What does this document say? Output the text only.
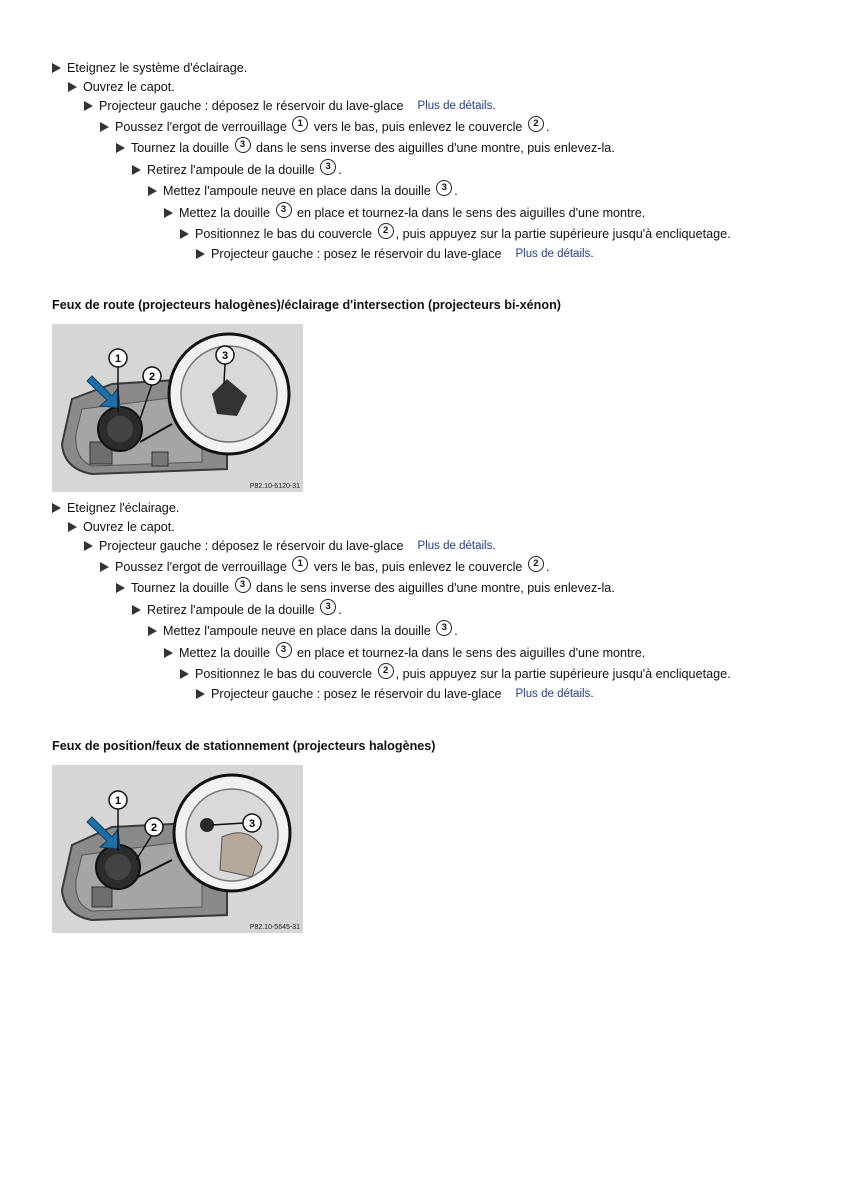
Eteignez le système d'éclairage.
Ouvrez le capot.
Projecteur gauche : déposez le réservoir du lave-glace Plus de détails .
Poussez l'ergot de verrouillage 1 vers le bas, puis enlevez le couvercle 2 .
Tournez la douille 3 dans le sens inverse des aiguilles d'une montre, puis enlevez-la.
Retirez l'ampoule de la douille 3 .
Mettez l'ampoule neuve en place dans la douille 3 .
Mettez la douille 3 en place et tournez-la dans le sens des aiguilles d'une montre.
Positionnez le bas du couvercle 2 , puis appuyez sur la partie supérieure jusqu'à encliquetage.
Projecteur gauche : posez le réservoir du lave-glace Plus de détails .
Feux de route (projecteurs halogènes)/éclairage d'intersection (projecteurs bi-xénon)
1
2
3
P82.10-6120-31
Eteignez l'éclairage.
Ouvrez le capot.
Projecteur gauche : déposez le réservoir du lave-glace Plus de détails .
Poussez l'ergot de verrouillage 1 vers le bas, puis enlevez le couvercle 2 .
Tournez la douille 3 dans le sens inverse des aiguilles d'une montre, puis enlevez-la.
Retirez l'ampoule de la douille 3 .
Mettez l'ampoule neuve en place dans la douille 3 .
Mettez la douille 3 en place et tournez-la dans le sens des aiguilles d'une montre.
Positionnez le bas du couvercle 2 , puis appuyez sur la partie supérieure jusqu'à encliquetage.
Projecteur gauche : posez le réservoir du lave-glace Plus de détails .
Feux de position/feux de stationnement (projecteurs halogènes)
1
2	3
P82.10-5645-31
